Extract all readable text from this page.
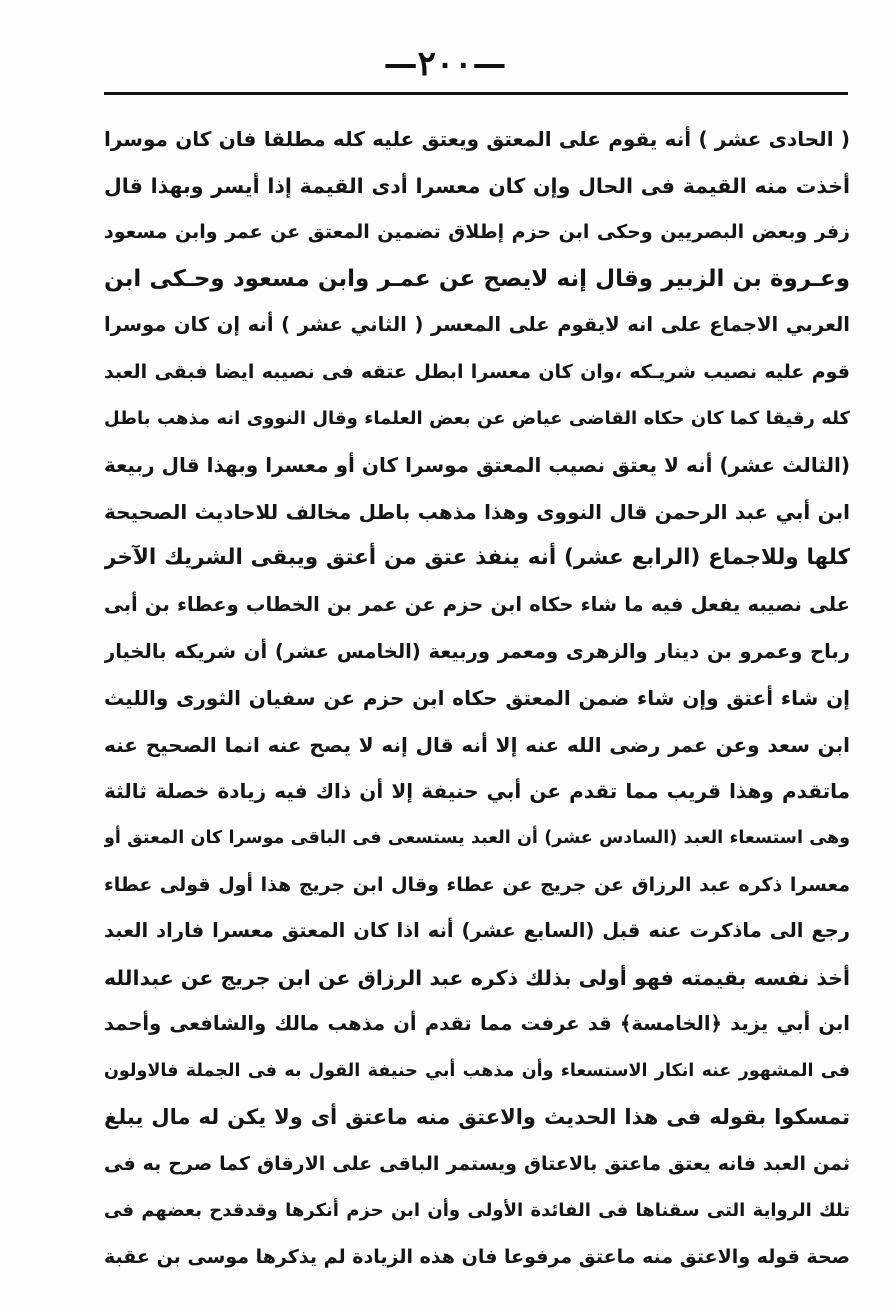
—٢٠٠—
( الحادى عشر ) أنه يقوم على المعتق ويعتق عليه كله مطلقا فان كان موسرا
أخذت منه القيمة فى الحال وإن كان معسرا أدى القيمة إذا أيسر وبهذا قال
زفر وبعض البصريين وحكى ابن حزم إطلاق تضمين المعتق عن عمر وابن مسعود
وعـروة بن الزبير وقال إنه لايصح عن عمـر وابن مسعود وحـكى ابن
العربي الاجماع على انه لايقوم على المعسر ( الثاني عشر ) أنه إن كان موسرا
قوم عليه نصيب شريـكه ،وان كان معسرا ابطل عتقه فى نصيبه ايضا فبقى العبد
كله رقيقا كما كان حكاه القاضى عياض عن بعض العلماء وقال النووى انه مذهب باطل
(الثالث عشر) أنه لا يعتق نصيب المعتق موسرا كان أو معسرا وبهذا قال ربيعة
ابن أبي عبد الرحمن قال النووى وهذا مذهب باطل مخالف للاحاديث الصحيحة
كلها وللاجماع (الرابع عشر) أنه ينفذ عتق من أعتق ويبقى الشريك الآخر
على نصيبه يفعل فيه ما شاء حكاه ابن حزم عن عمر بن الخطاب وعطاء بن أبى
رباح وعمرو بن دينار والزهرى ومعمر وربيعة (الخامس عشر) أن شريكه بالخيار
إن شاء أعتق وإن شاء ضمن المعتق حكاه ابن حزم عن سفيان الثورى والليث
ابن سعد وعن عمر رضى الله عنه إلا أنه قال إنه لا يصح عنه انما الصحيح عنه
ماتقدم وهذا قريب مما تقدم عن أبي حنيفة إلا أن ذاك فيه زيادة خصلة ثالثة
وهى استسعاء العبد (السادس عشر) أن العبد يستسعى فى الباقى موسرا كان المعتق أو
معسرا ذكره عبد الرزاق عن جريج عن عطاء وقال ابن جريج هذا أول قولى عطاء
رجع الى ماذكرت عنه قبل (السابع عشر) أنه اذا كان المعتق معسرا فاراد العبد
أخذ نفسه بقيمته فهو أولى بذلك ذكره عبد الرزاق عن ابن جريج عن عبدالله
ابن أبي يزيد ﴿الخامسة﴾ قد عرفت مما تقدم أن مذهب مالك والشافعى وأحمد
فى المشهور عنه انكار الاستسعاء وأن مذهب أبي حنيفة القول به فى الجملة فالاولون
تمسكوا بقوله فى هذا الحديث والاعتق منه ماعتق أى ولا يكن له مال يبلغ
ثمن العبد فانه يعتق ماعتق بالاعتاق ويستمر الباقى على الارقاق كما صرح به فى
تلك الرواية التى سقناها فى الفائدة الأولى وأن ابن حزم أنكرها وقدقدح بعضهم فى
صحة قوله والاعتق منه ماعتق مرفوعا فان هذه الزيادة لم يذكرها موسى بن عقبة
